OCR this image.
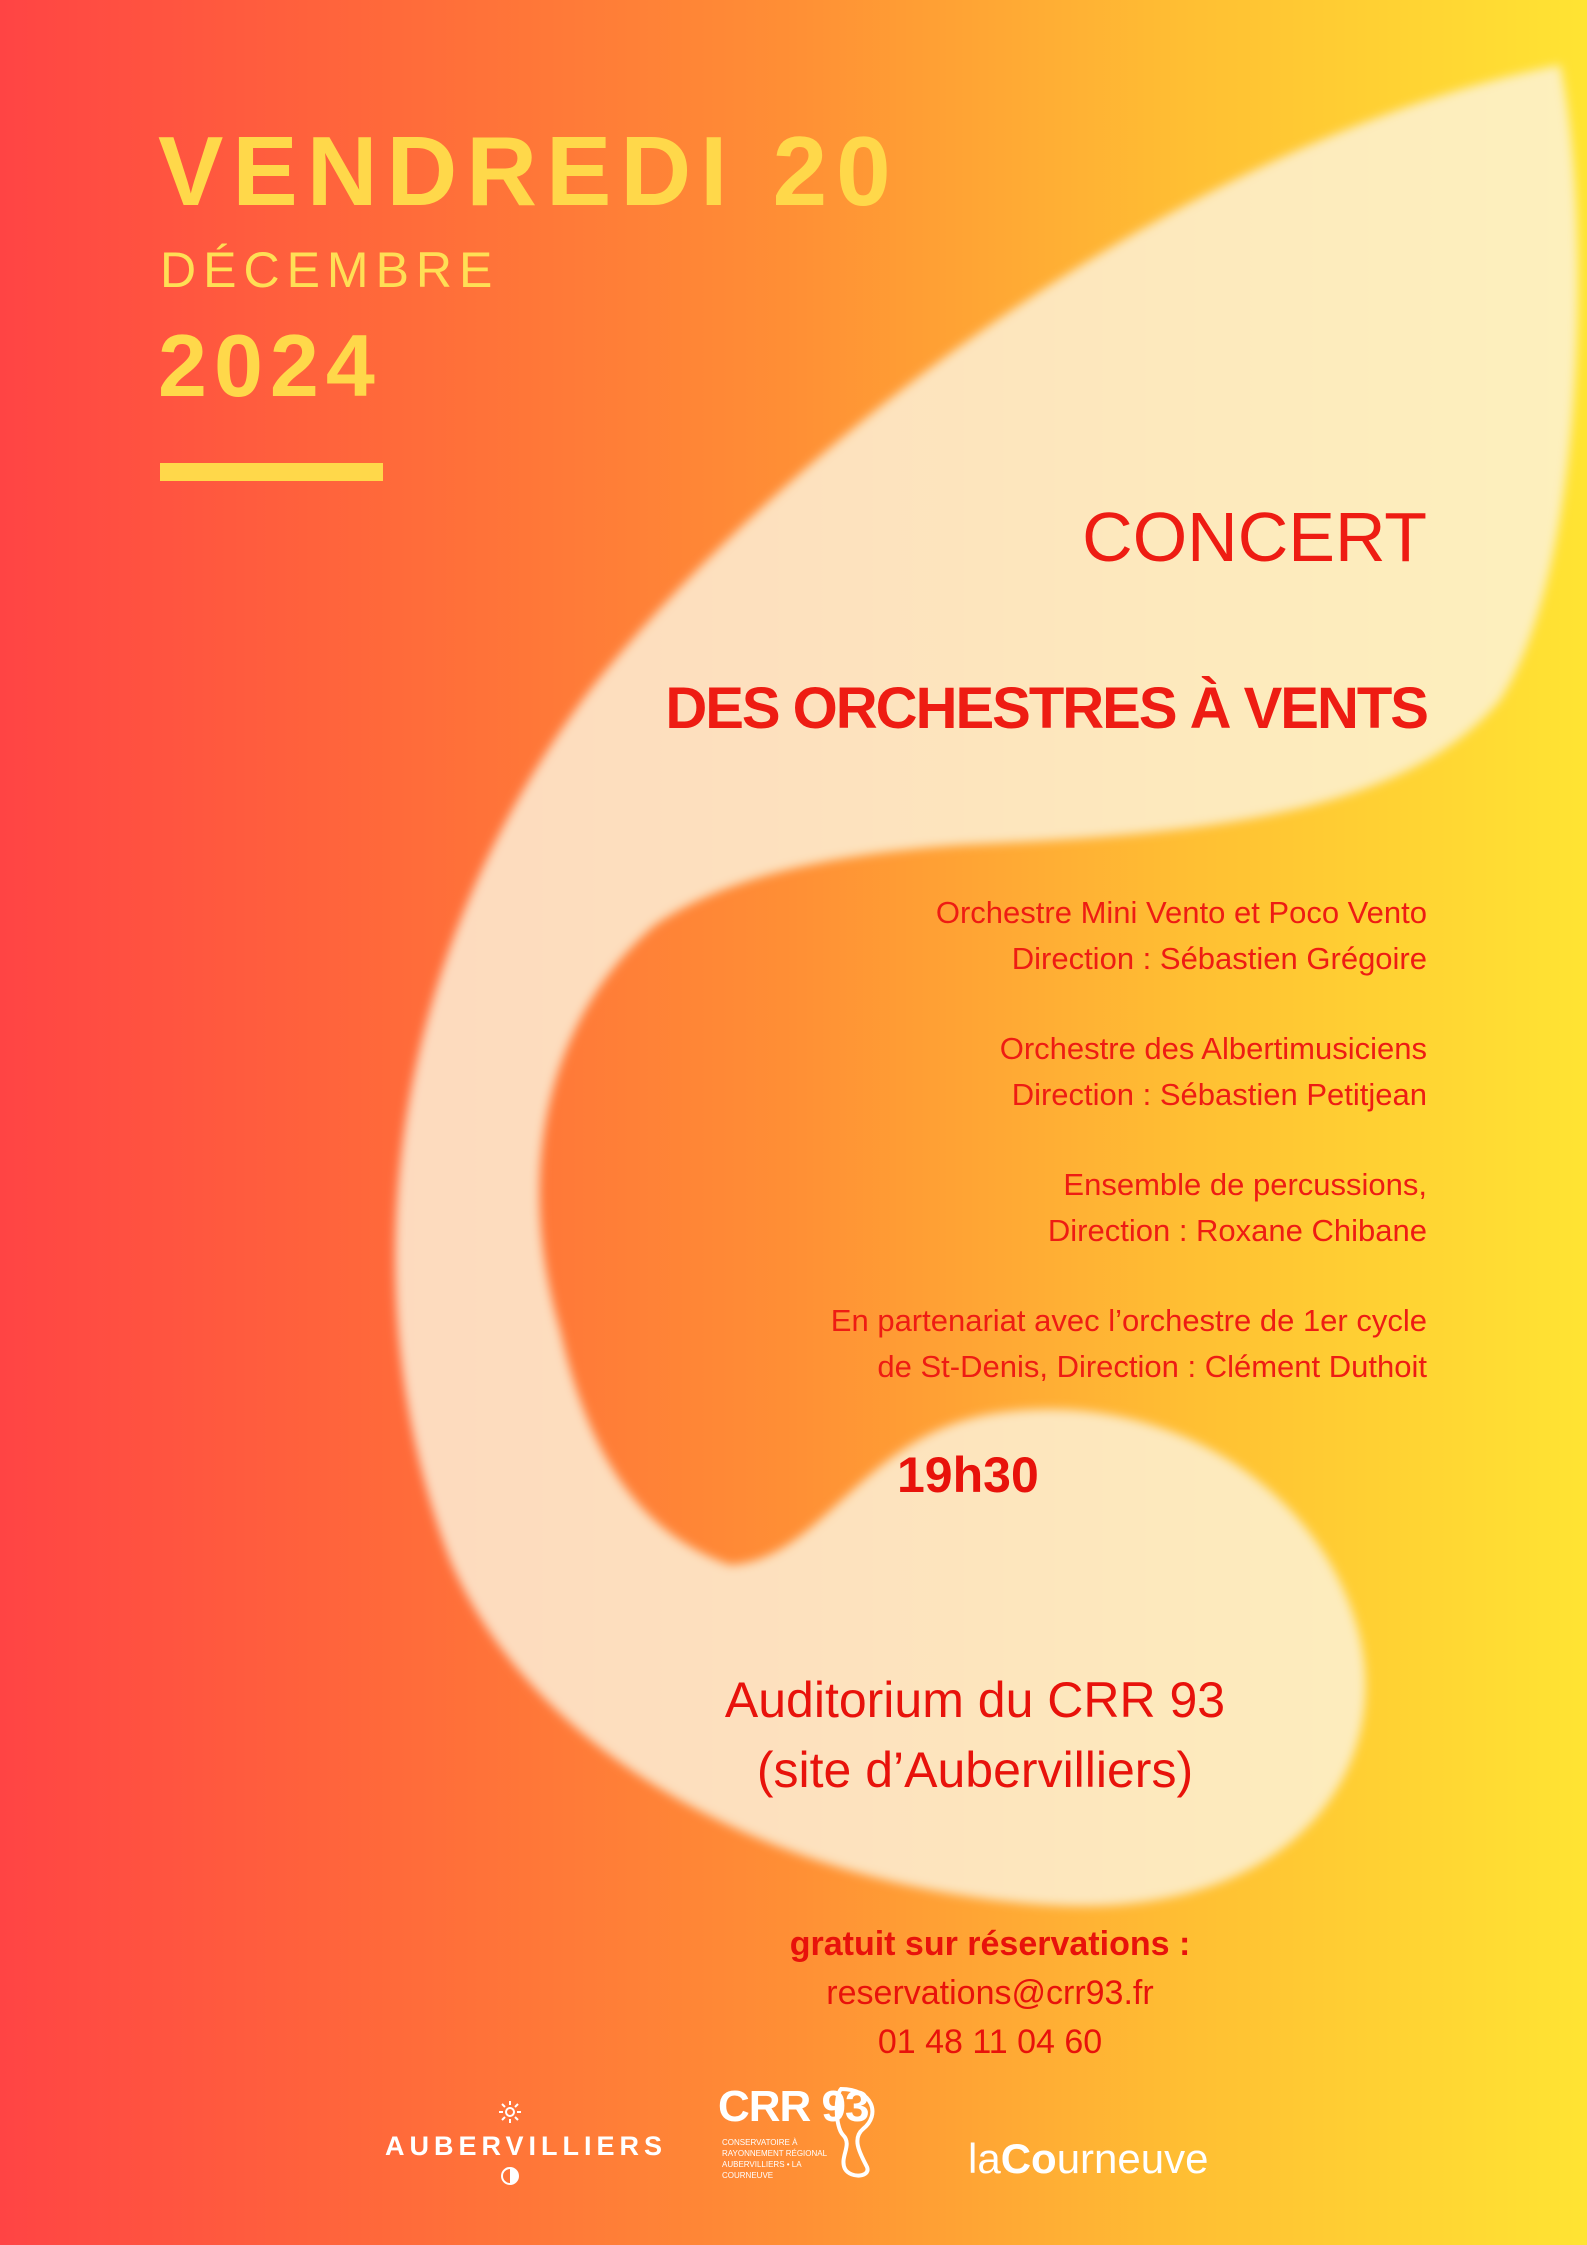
VENDREDI 20
DÉCEMBRE
2024
CONCERT
DES ORCHESTRES À VENTS
Orchestre Mini Vento et Poco Vento
Direction : Sébastien Grégoire
Orchestre des Albertimusiciens
Direction : Sébastien Petitjean
Ensemble de percussions,
Direction : Roxane Chibane
En partenariat avec l’orchestre de 1er cycle
de St-Denis, Direction : Clément Duthoit
19h30
Auditorium du CRR 93
(site d’Aubervilliers)
gratuit sur réservations :
reservations@crr93.fr
01 48 11 04 60
AUBERVILLIERS
CRR 93
CONSERVATOIRE À RAYONNEMENT RÉGIONAL AUBERVILLIERS • LA COURNEUVE	laCourneuve
